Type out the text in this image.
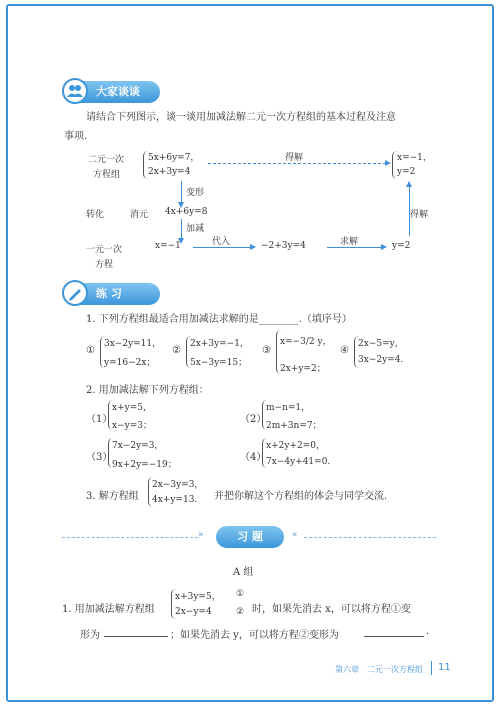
大家谈谈
请结合下列图示，谈一谈用加减法解二元一次方程组的基本过程及注意
事项.
二元一次
方程组
5x+6y=7，
2x+3y=4
得解	x=−1，
y=2
变形
转化	消元 4x+6y=8
加减
得解
一元一次
方程
x=−1	代入	−2+3y=4	求解	y=2
练 习
1. 下列方程组最适合用加减法求解的是________.（填序号）
①
3x−2y=11，
y=16−2x；
②
2x+3y=−1，
5x−3y=15；
③
x=−3/2 y，
2x+y=2；
④
2x−5=y，
3x−2y=4.
2. 用加减法解下列方程组：
（1）
x+y=5，
x−y=3；
（2）
m−n=1，
2m+3n=7；
（3）
7x−2y=3，
9x+2y=−19；
（4）
x+2y+2=0，
7x−4y+41=0.
3. 解方程组
2x−3y=3，
4x+y=13. 并把你解这个方程组的体会与同学交流.
»	习 题	«
A 组
1. 用加减法解方程组
x+3y=5， ①
2x−y=4	② 时，如果先消去 x，可以将方程①变
形为	；如果先消去 y，可以将方程②变形为	.
第六章　二元一次方程组 11
